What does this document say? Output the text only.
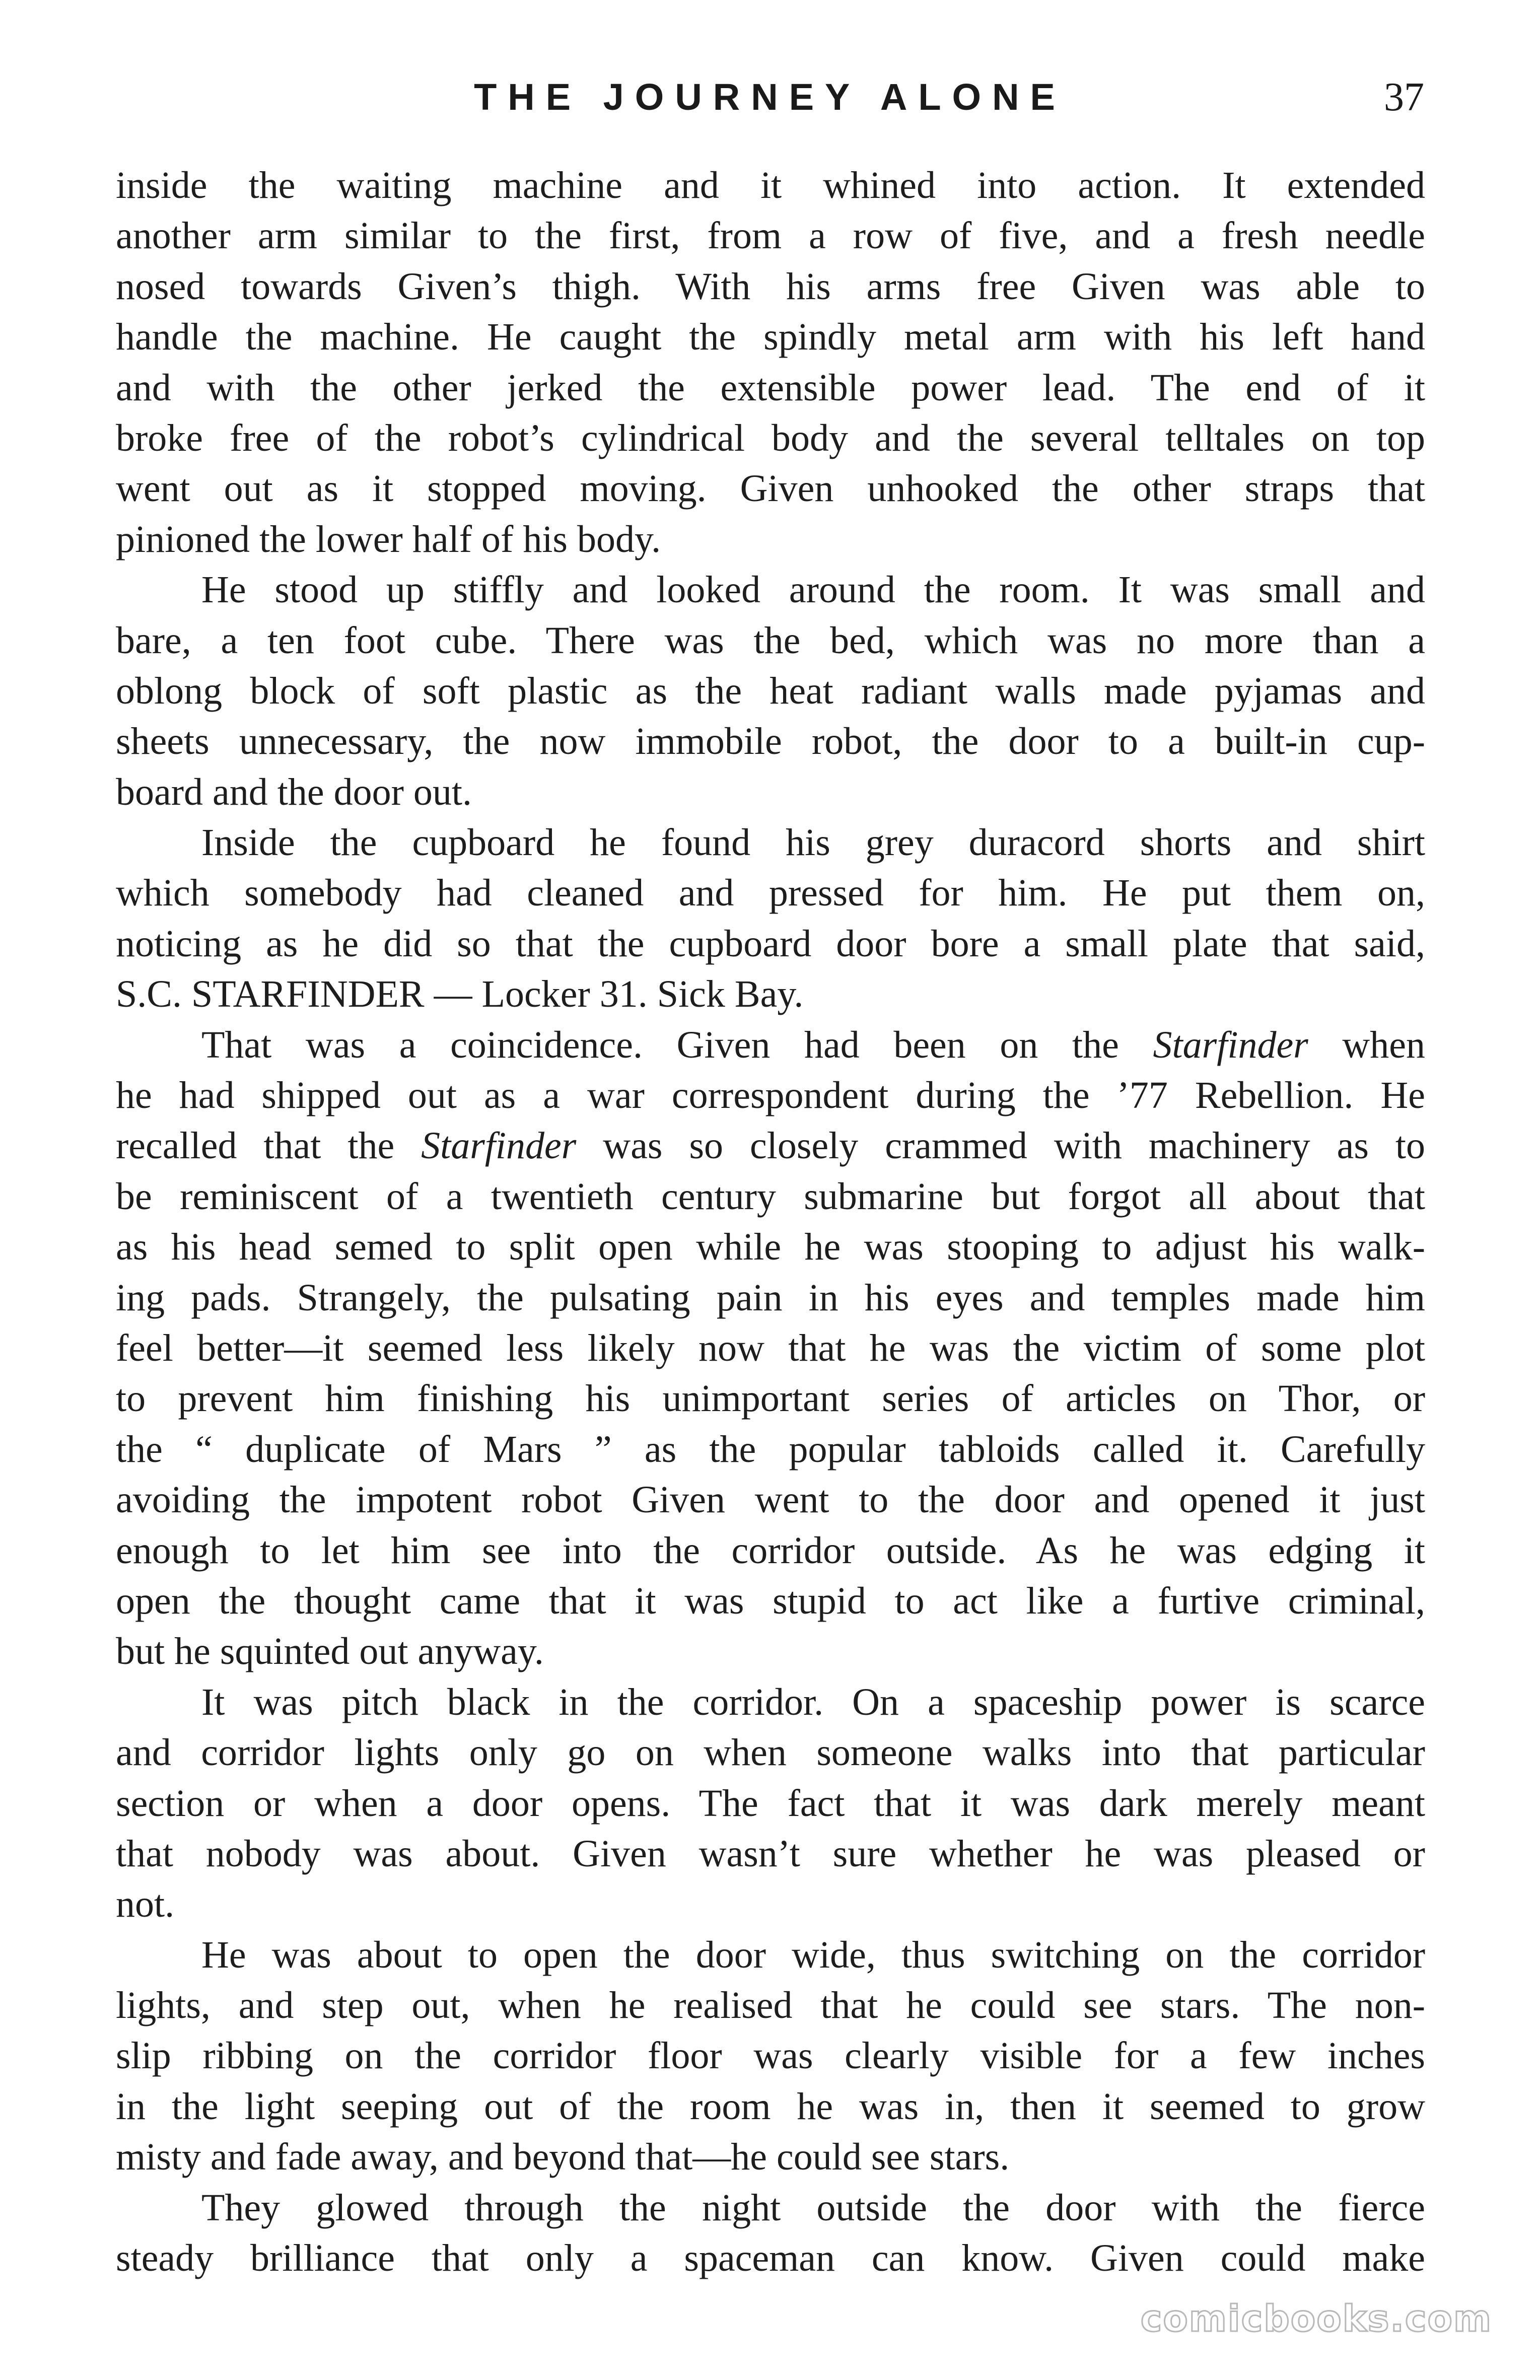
THE JOURNEY ALONE	37
inside the waiting machine and it whined into action. It extended
another arm similar to the first, from a row of five, and a fresh needle
nosed towards Given’s thigh. With his arms free Given was able to
handle the machine. He caught the spindly metal arm with his left hand
and with the other jerked the extensible power lead. The end of it
broke free of the robot’s cylindrical body and the several telltales on top
went out as it stopped moving. Given unhooked the other straps that
pinioned the lower half of his body.
He stood up stiffly and looked around the room. It was small and
bare, a ten foot cube. There was the bed, which was no more than a
oblong block of soft plastic as the heat radiant walls made pyjamas and
sheets unnecessary, the now immobile robot, the door to a built-in cup-
board and the door out.
Inside the cupboard he found his grey duracord shorts and shirt
which somebody had cleaned and pressed for him. He put them on,
noticing as he did so that the cupboard door bore a small plate that said,
S.C. STARFINDER — Locker 31. Sick Bay.
That was a coincidence. Given had been on the Starfinder when
he had shipped out as a war correspondent during the ’77 Rebellion. He
recalled that the Starfinder was so closely crammed with machinery as to
be reminiscent of a twentieth century submarine but forgot all about that
as his head semed to split open while he was stooping to adjust his walk-
ing pads. Strangely, the pulsating pain in his eyes and temples made him
feel better—it seemed less likely now that he was the victim of some plot
to prevent him finishing his unimportant series of articles on Thor, or
the “ duplicate of Mars ” as the popular tabloids called it. Carefully
avoiding the impotent robot Given went to the door and opened it just
enough to let him see into the corridor outside. As he was edging it
open the thought came that it was stupid to act like a furtive criminal,
but he squinted out anyway.
It was pitch black in the corridor. On a spaceship power is scarce
and corridor lights only go on when someone walks into that particular
section or when a door opens. The fact that it was dark merely meant
that nobody was about. Given wasn’t sure whether he was pleased or
not.
He was about to open the door wide, thus switching on the corridor
lights, and step out, when he realised that he could see stars. The non-
slip ribbing on the corridor floor was clearly visible for a few inches
in the light seeping out of the room he was in, then it seemed to grow
misty and fade away, and beyond that—he could see stars.
They glowed through the night outside the door with the fierce
steady brilliance that only a spaceman can know. Given could make
comicbooks.com
